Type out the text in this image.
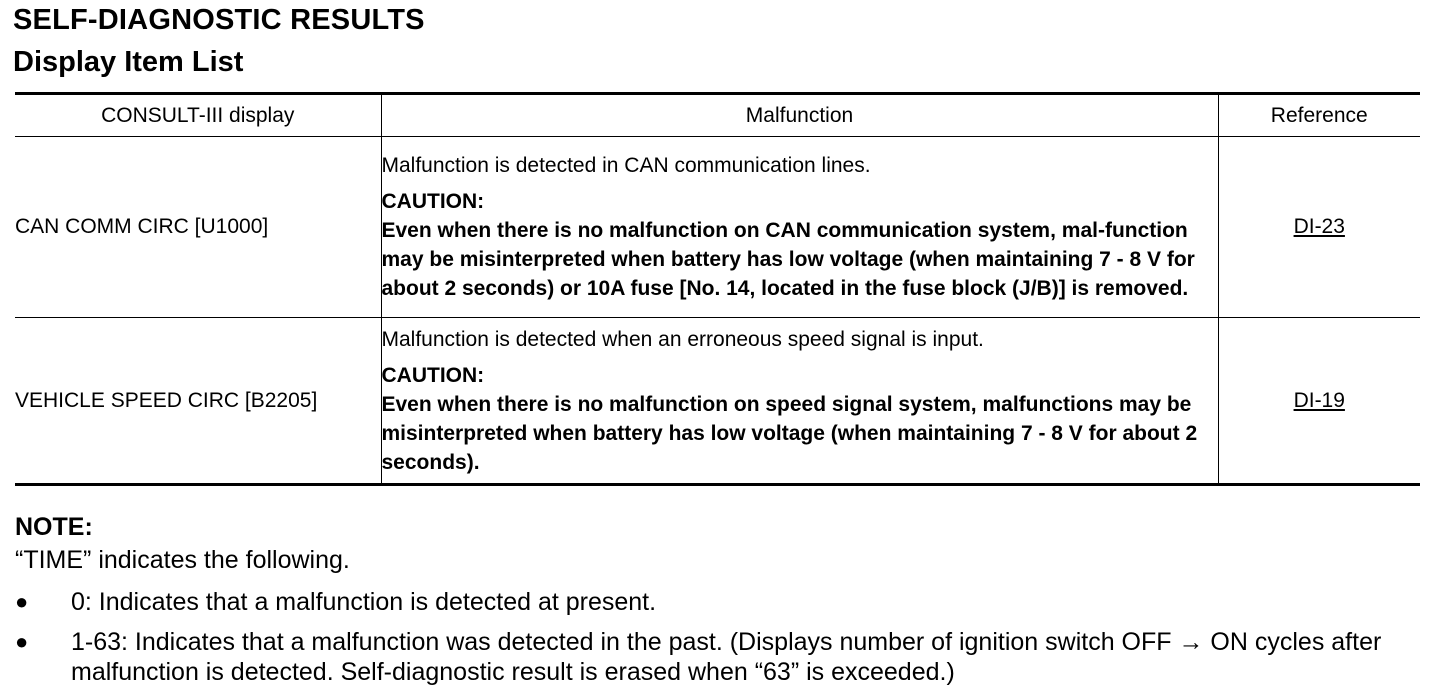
SELF-DIAGNOSTIC RESULTS
Display Item List
CONSULT-III display	Malfunction	Reference
CAN COMM CIRC [U1000]	Malfunction is detected in CAN communication lines.
CAUTION:
Even when there is no malfunction on CAN communication system, mal-function may be misinterpreted when battery has low voltage (when maintaining 7 - 8 V for about 2 seconds) or 10A fuse [No. 14, located in the fuse block (J/B)] is removed.	DI-23
VEHICLE SPEED CIRC [B2205]	Malfunction is detected when an erroneous speed signal is input.
CAUTION:
Even when there is no malfunction on speed signal system, malfunctions may be misinterpreted when battery has low voltage (when maintaining 7 - 8 V for about 2 seconds).	DI-19
NOTE:
“TIME” indicates the following.
● 0: Indicates that a malfunction is detected at present.
● 1-63: Indicates that a malfunction was detected in the past. (Displays number of ignition switch OFF → ON cycles after malfunction is detected. Self-diagnostic result is erased when “63” is exceeded.)
